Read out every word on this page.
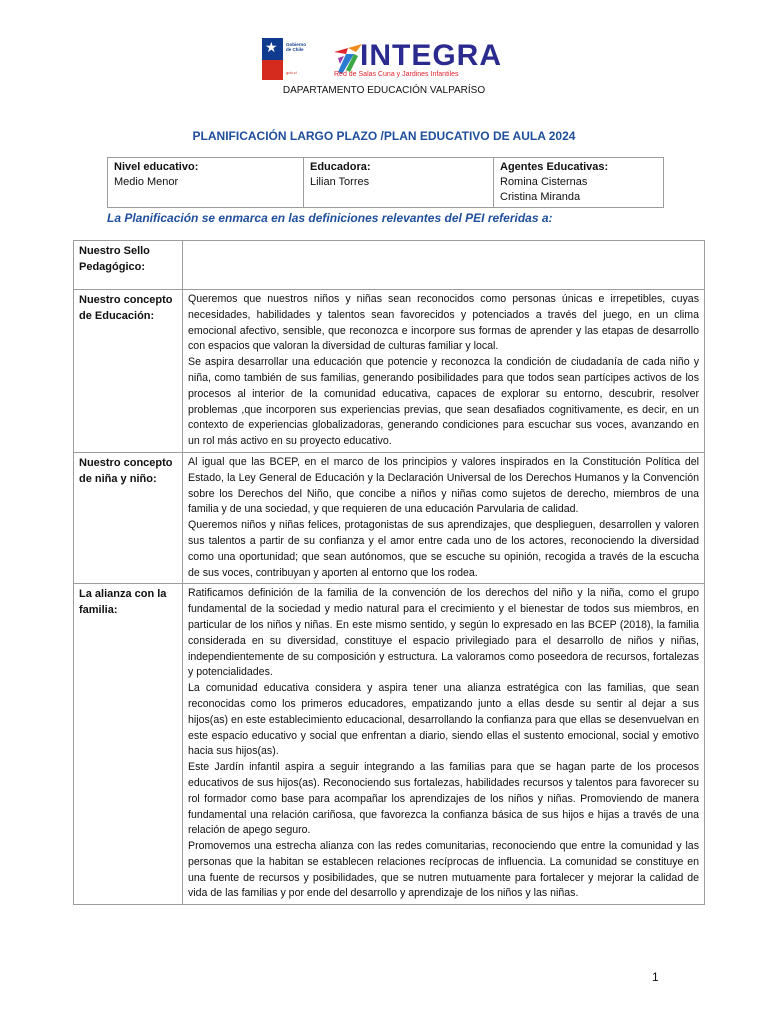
★ Gobierno de Chile
gob.cl
INTEGRA
Red de Salas Cuna y Jardines Infantiles
DAPARTAMENTO EDUCACIÓN VALPARÍSO
PLANIFICACIÓN LARGO PLAZO /PLAN EDUCATIVO DE AULA 2024
Nivel educativo:
Medio Menor

Educadora:
Lilian Torres

Agentes Educativas:
Romina Cisternas
Cristina Miranda
La Planificación se enmarca en las definiciones relevantes del PEI referidas a:
Nuestro Sello Pedagógico:	
Nuestro concepto de Educación:	Queremos que nuestros niños y niñas sean reconocidos como personas únicas e irrepetibles, cuyas necesidades, habilidades y talentos sean favorecidos y potenciados a través del juego, en un clima emocional afectivo, sensible, que reconozca e incorpore sus formas de aprender y las etapas de desarrollo con espacios que valoran la diversidad de culturas familiar y local.

Se aspira desarrollar una educación que potencie y reconozca la condición de ciudadanía de cada niño y niña, como también de sus familias, generando posibilidades para que todos sean partícipes activos de los procesos al interior de la comunidad educativa, capaces de explorar su entorno, descubrir, resolver problemas ,que incorporen sus experiencias previas, que sean desafiados cognitivamente, es decir, en un contexto de experiencias globalizadoras, generando condiciones para escuchar sus voces, avanzando en un rol más activo en su proyecto educativo.

Nuestro concepto de niña y niño:	Al igual que las BCEP, en el marco de los principios y valores inspirados en la Constitución Política del Estado, la Ley General de Educación y la Declaración Universal de los Derechos Humanos y la Convención sobre los Derechos del Niño, que concibe a niños y niñas como sujetos de derecho, miembros de una familia y de una sociedad, y que requieren de una educación Parvularia de calidad.

Queremos niños y niñas felices, protagonistas de sus aprendizajes, que desplieguen, desarrollen y valoren sus talentos a partir de su confianza y el amor entre cada uno de los actores, reconociendo la diversidad como una oportunidad; que sean autónomos, que se escuche su opinión, recogida a través de la escucha de sus voces, contribuyan y aporten al entorno que los rodea.

La alianza con la familia:	Ratificamos definición de la familia de la convención de los derechos del niño y la niña, como el grupo fundamental de la sociedad y medio natural para el crecimiento y el bienestar de todos sus miembros, en particular de los niños y niñas. En este mismo sentido, y según lo expresado en las BCEP (2018), la familia considerada en su diversidad, constituye el espacio privilegiado para el desarrollo de niños y niñas, independientemente de su composición y estructura. La valoramos como poseedora de recursos, fortalezas y potencialidades.

La comunidad educativa considera y aspira tener una alianza estratégica con las familias, que sean reconocidas como los primeros educadores, empatizando junto a ellas desde su sentir al dejar a sus hijos(as) en este establecimiento educacional, desarrollando la confianza para que ellas se desenvuelvan en este espacio educativo y social que enfrentan a diario, siendo ellas el sustento emocional, social y emotivo hacia sus hijos(as).

Este Jardín infantil aspira a seguir integrando a las familias para que se hagan parte de los procesos educativos de sus hijos(as). Reconociendo sus fortalezas, habilidades recursos y talentos para favorecer su rol formador como base para acompañar los aprendizajes de los niños y niñas. Promoviendo de manera fundamental una relación cariñosa, que favorezca la confianza básica de sus hijos e hijas a través de una relación de apego seguro.

Promovemos una estrecha alianza con las redes comunitarias, reconociendo que entre la comunidad y las personas que la habitan se establecen relaciones recíprocas de influencia. La comunidad se constituye en una fuente de recursos y posibilidades, que se nutren mutuamente para fortalecer y mejorar la calidad de vida de las familias y por ende del desarrollo y aprendizaje de los niños y las niñas.

1
